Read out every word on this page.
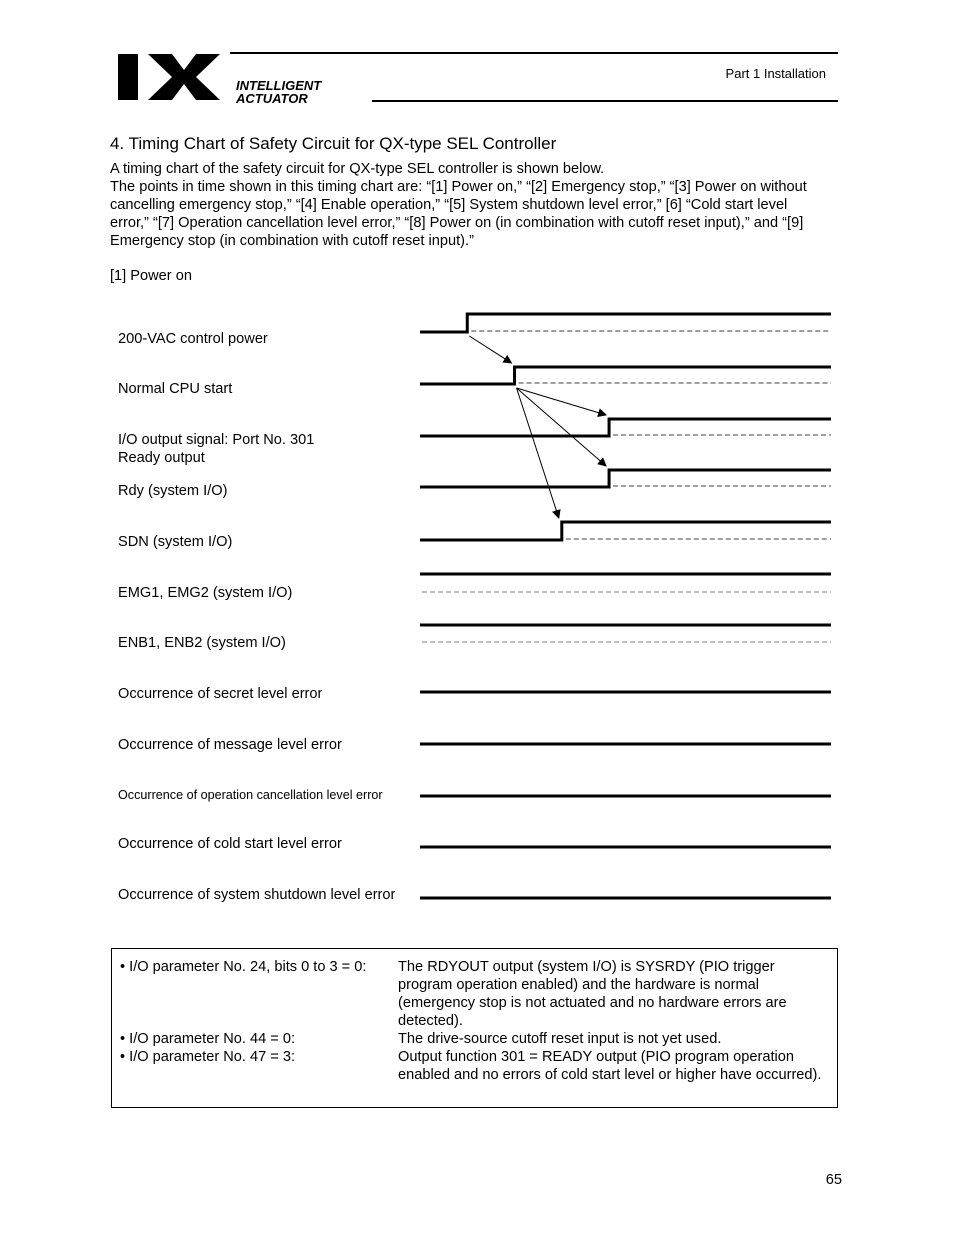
INTELLIGENT
ACTUATOR
Part 1 Installation
4. Timing Chart of Safety Circuit for QX-type SEL Controller
A timing chart of the safety circuit for QX-type SEL controller is shown below.
The points in time shown in this timing chart are: “[1] Power on,” “[2] Emergency stop,” “[3] Power on without cancelling emergency stop,” “[4] Enable operation,” “[5] System shutdown level error,” [6] “Cold start level error,” “[7] Operation cancellation level error,” “[8] Power on (in combination with cutoff reset input),” and “[9] Emergency stop (in combination with cutoff reset input).”
[1] Power on
200-VAC control power
Normal CPU start
I/O output signal: Port No. 301
Ready output
Rdy (system I/O)
SDN (system I/O)
EMG1, EMG2 (system I/O)
ENB1, ENB2 (system I/O)
Occurrence of secret level error
Occurrence of message level error
Occurrence of operation cancellation level error
Occurrence of cold start level error
Occurrence of system shutdown level error
• I/O parameter No. 24, bits 0 to 3 = 0:	The RDYOUT output (system I/O) is SYSRDY (PIO trigger program operation enabled) and the hardware is normal (emergency stop is not actuated and no hardware errors are detected).
• I/O parameter No. 44 = 0:	The drive-source cutoff reset input is not yet used.
• I/O parameter No. 47 = 3:	Output function 301 = READY output (PIO program operation enabled and no errors of cold start level or higher have occurred).
65
